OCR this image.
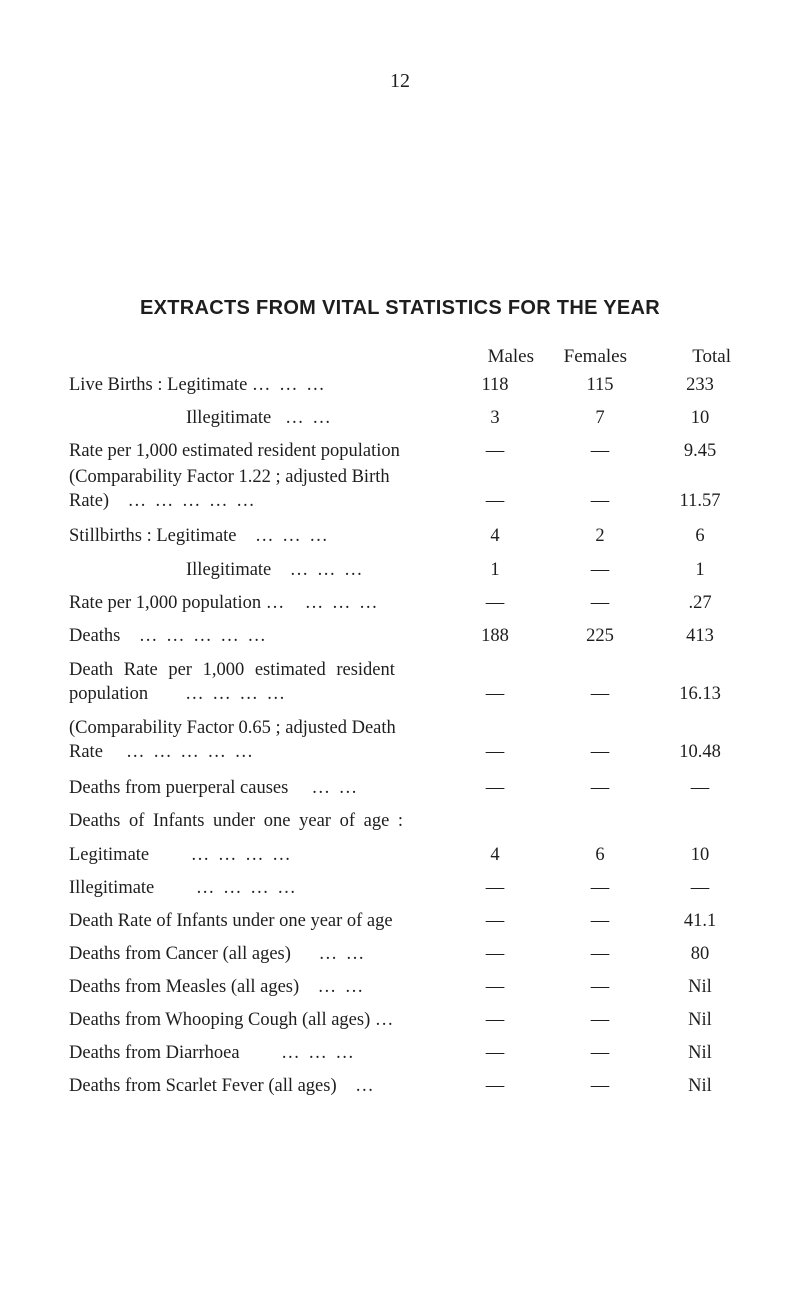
12
EXTRACTS FROM VITAL STATISTICS FOR THE YEAR
Males	Females	Total
Live Births : Legitimate … … …	118	115	233
Illegitimate … …	3	7	10
Rate per 1,000 estimated resident population	—	—	9.45
(Comparability Factor 1.22 ; adjusted Birth
Rate) … … … … …	—	—	11.57
Stillbirths : Legitimate … … …	4	2	6
Illegitimate … … …	1	—	1
Rate per 1,000 population … … … …	—	—	.27
Deaths … … … … …	188	225	413
Death Rate per 1,000 estimated resident
population … … … …	—	—	16.13
(Comparability Factor 0.65 ; adjusted Death
Rate … … … … …	—	—	10.48
Deaths from puerperal causes … …	—	—	—
Deaths of Infants under one year of age :
Legitimate … … … …	4	6	10
Illegitimate … … … …	—	—	—
Death Rate of Infants under one year of age	—	—	41.1
Deaths from Cancer (all ages) … …	—	—	80
Deaths from Measles (all ages) … …	—	—	Nil
Deaths from Whooping Cough (all ages) …	—	—	Nil
Deaths from Diarrhoea … … …	—	—	Nil
Deaths from Scarlet Fever (all ages) …	—	—	Nil
